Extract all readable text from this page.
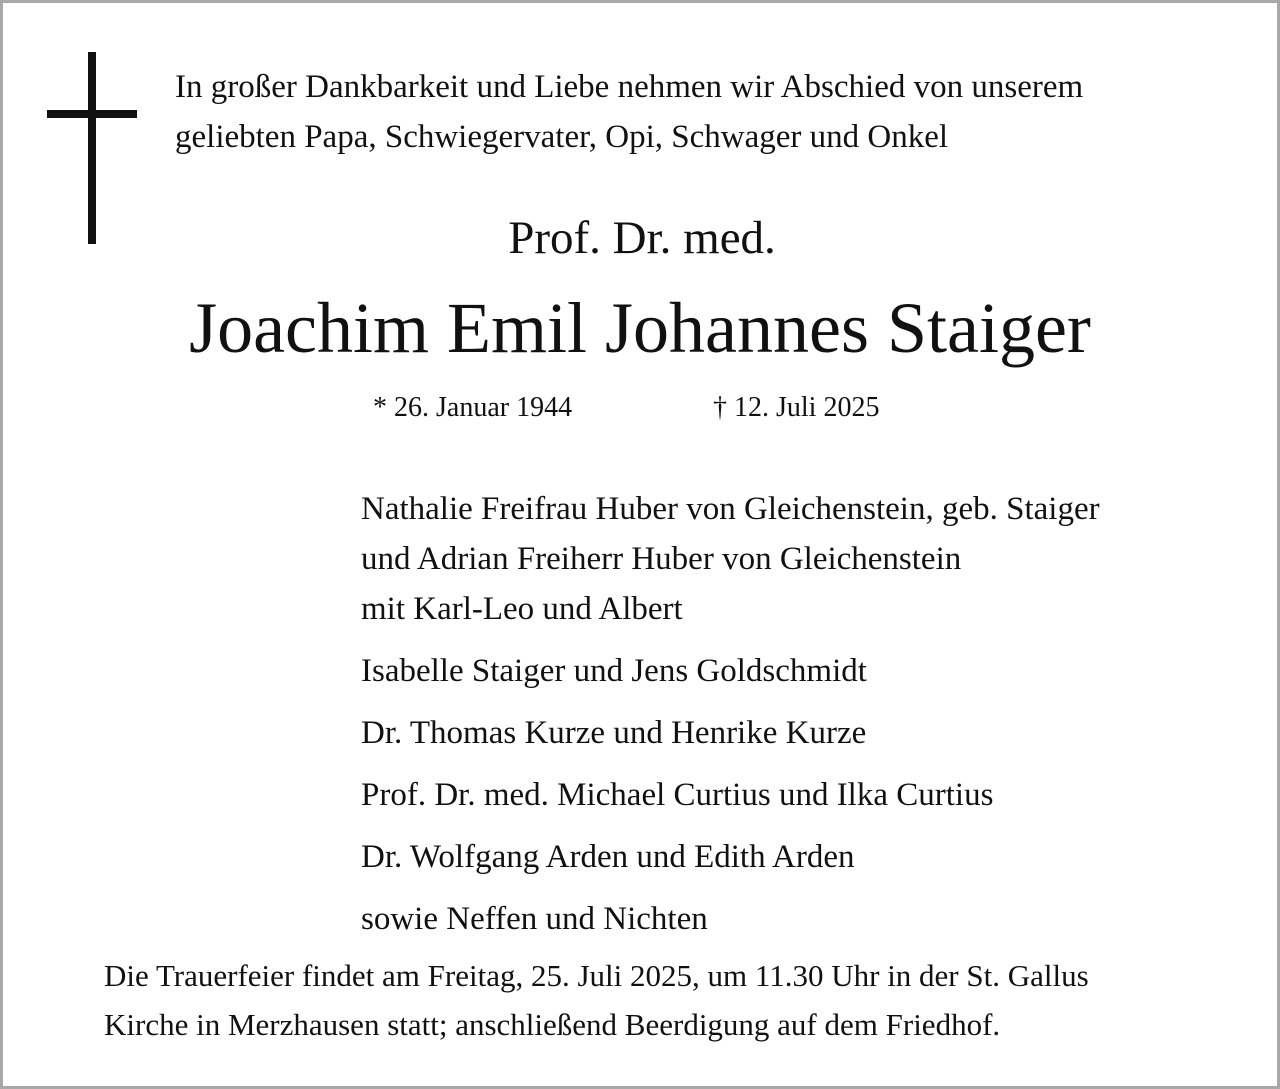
In großer Dankbarkeit und Liebe nehmen wir Abschied von unserem
geliebten Papa, Schwiegervater, Opi, Schwager und Onkel
Prof. Dr. med.
Joachim Emil Johannes Staiger
* 26. Januar 1944	† 12. Juli 2025
Nathalie Freifrau Huber von Gleichenstein, geb. Staiger
und Adrian Freiherr Huber von Gleichenstein
mit Karl-Leo und Albert
Isabelle Staiger und Jens Goldschmidt
Dr. Thomas Kurze und Henrike Kurze
Prof. Dr. med. Michael Curtius und Ilka Curtius
Dr. Wolfgang Arden und Edith Arden
sowie Neffen und Nichten
Die Trauerfeier findet am Freitag, 25. Juli 2025, um 11.30 Uhr in der St. Gallus
Kirche in Merzhausen statt; anschließend Beerdigung auf dem Friedhof.
